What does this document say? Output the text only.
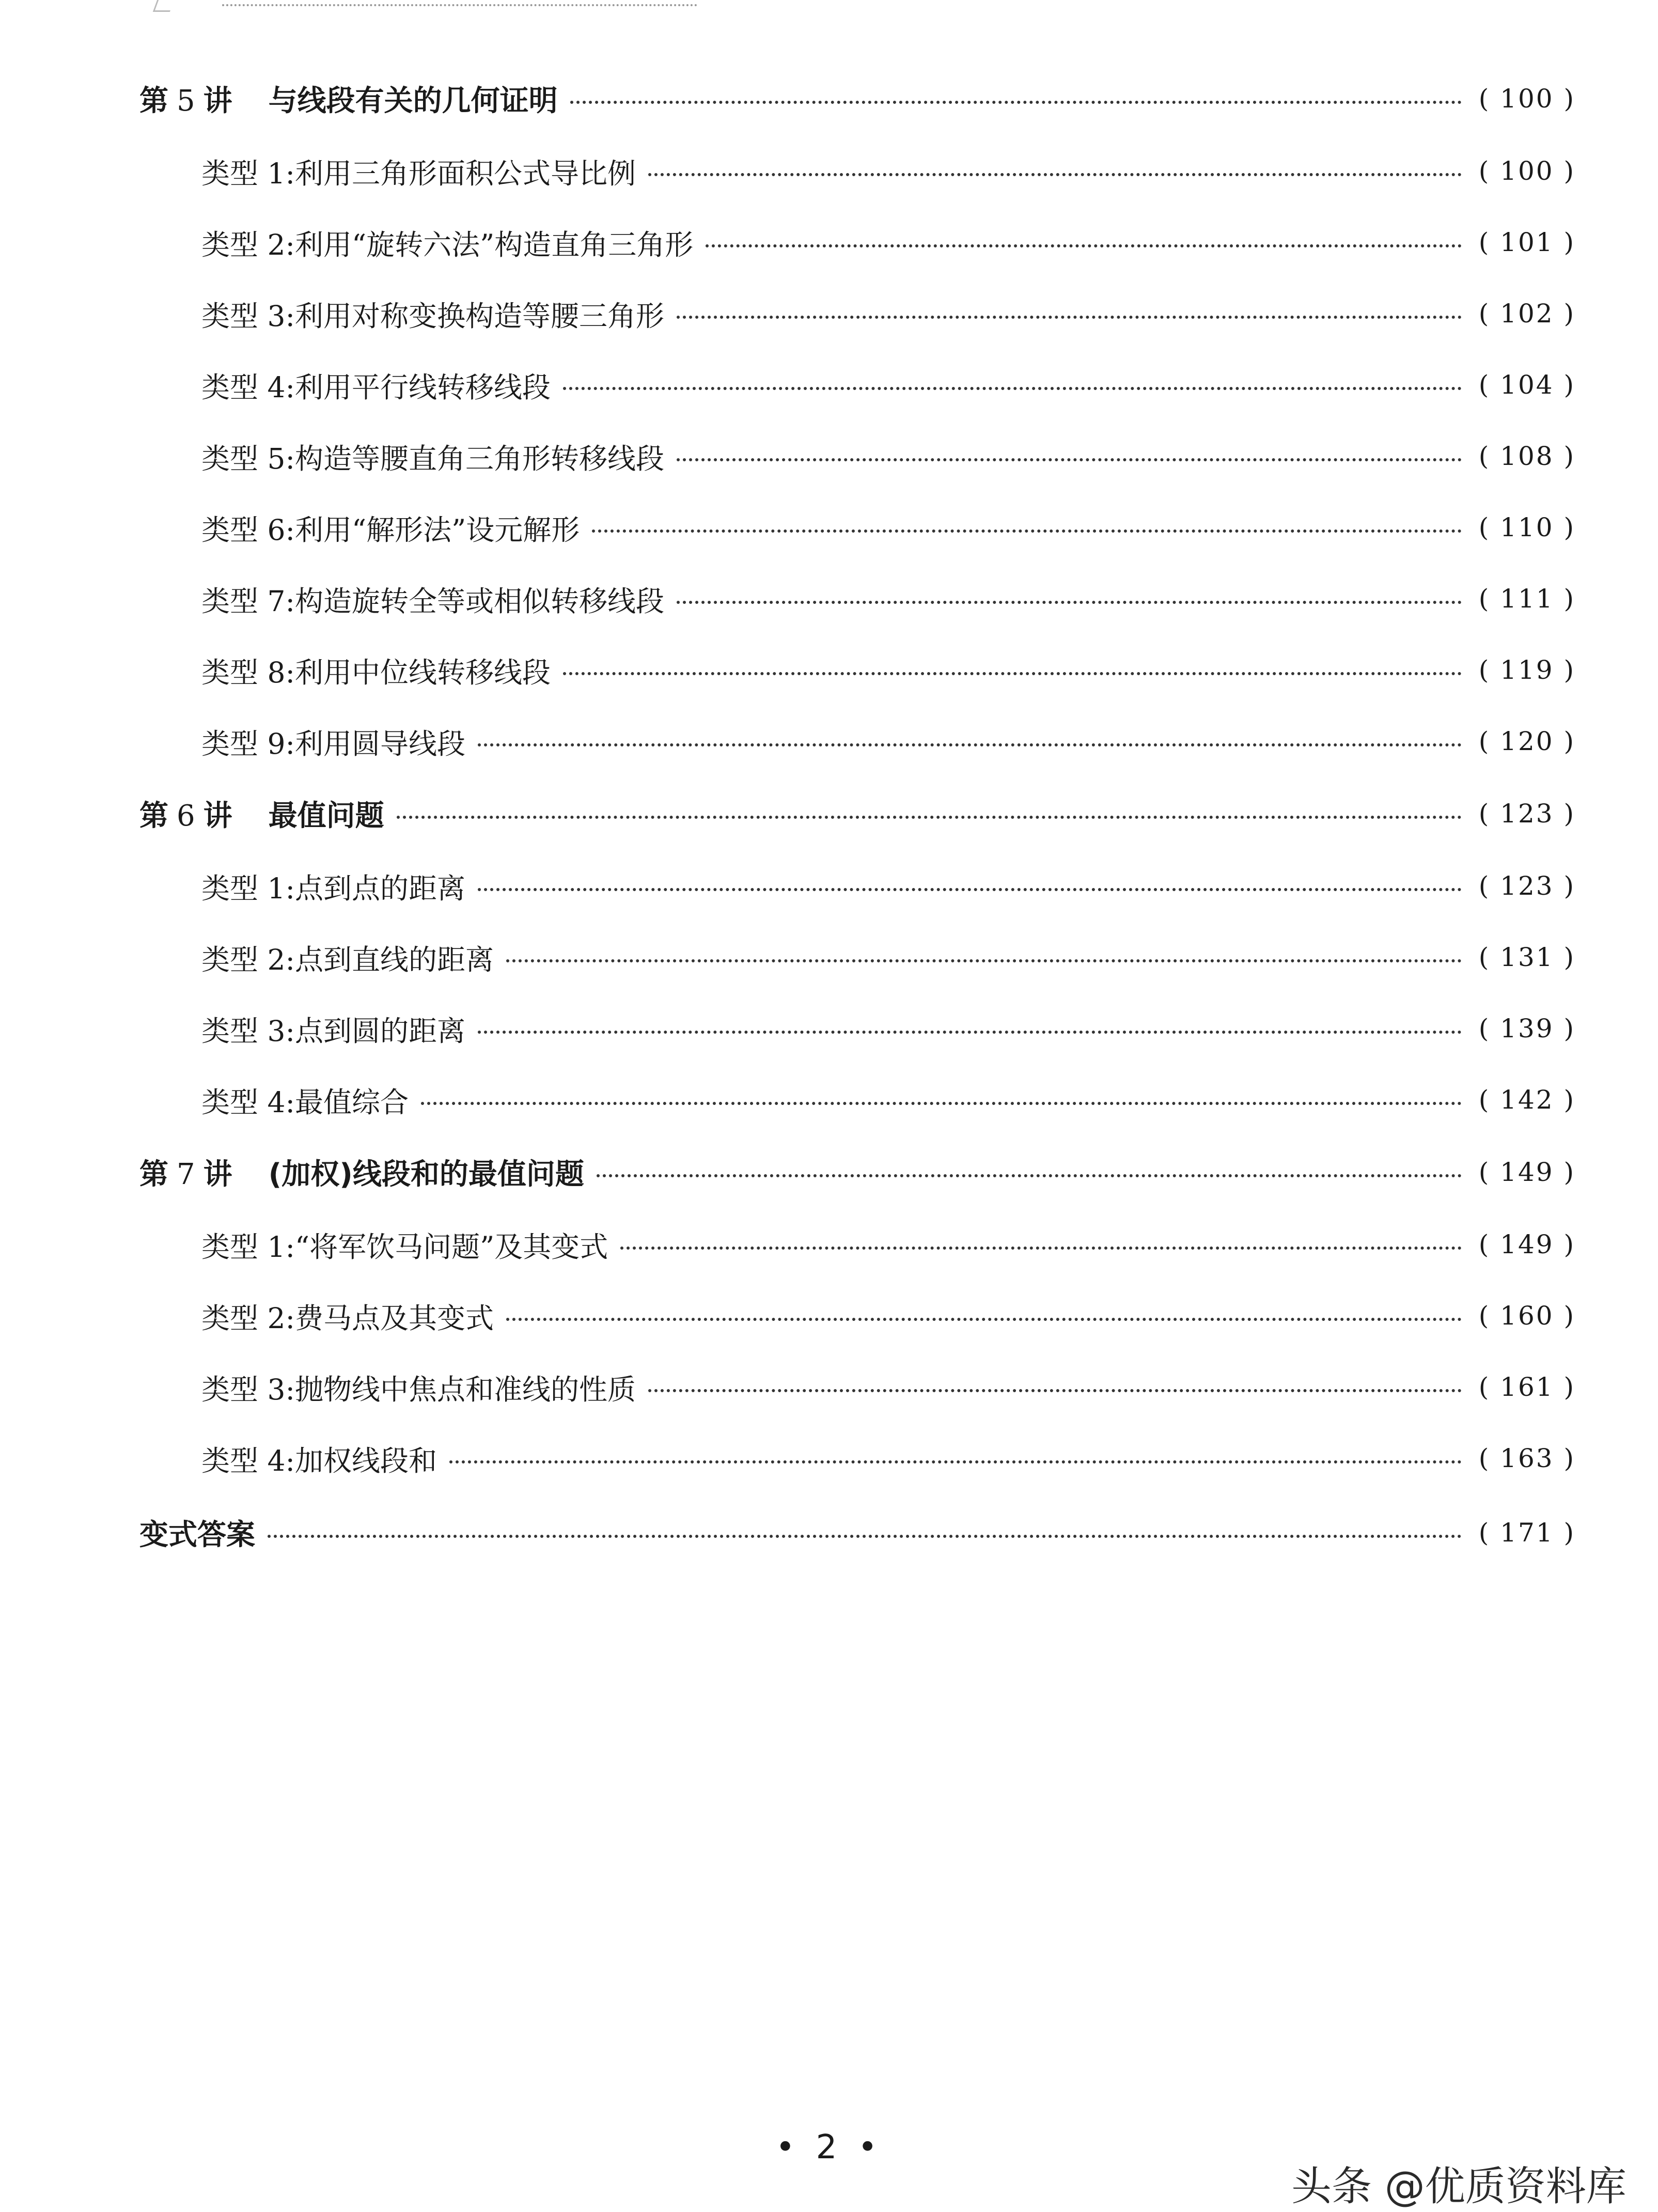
第 5 讲 与线段有关的几何证明	( 100 )
类型 1:利用三角形面积公式导比例	( 100 )
类型 2:利用“旋转六法”构造直角三角形	( 101 )
类型 3:利用对称变换构造等腰三角形	( 102 )
类型 4:利用平行线转移线段	( 104 )
类型 5:构造等腰直角三角形转移线段	( 108 )
类型 6:利用“解形法”设元解形	( 110 )
类型 7:构造旋转全等或相似转移线段	( 111 )
类型 8:利用中位线转移线段	( 119 )
类型 9:利用圆导线段	( 120 )
第 6 讲 最值问题	( 123 )
类型 1:点到点的距离	( 123 )
类型 2:点到直线的距离	( 131 )
类型 3:点到圆的距离	( 139 )
类型 4:最值综合	( 142 )
第 7 讲 (加权)线段和的最值问题	( 149 )
类型 1:“将军饮马问题”及其变式	( 149 )
类型 2:费马点及其变式	( 160 )
类型 3:抛物线中焦点和准线的性质	( 161 )
类型 4:加权线段和	( 163 )
变式答案	( 171 )
• 2 •
头条 @优质资料库
